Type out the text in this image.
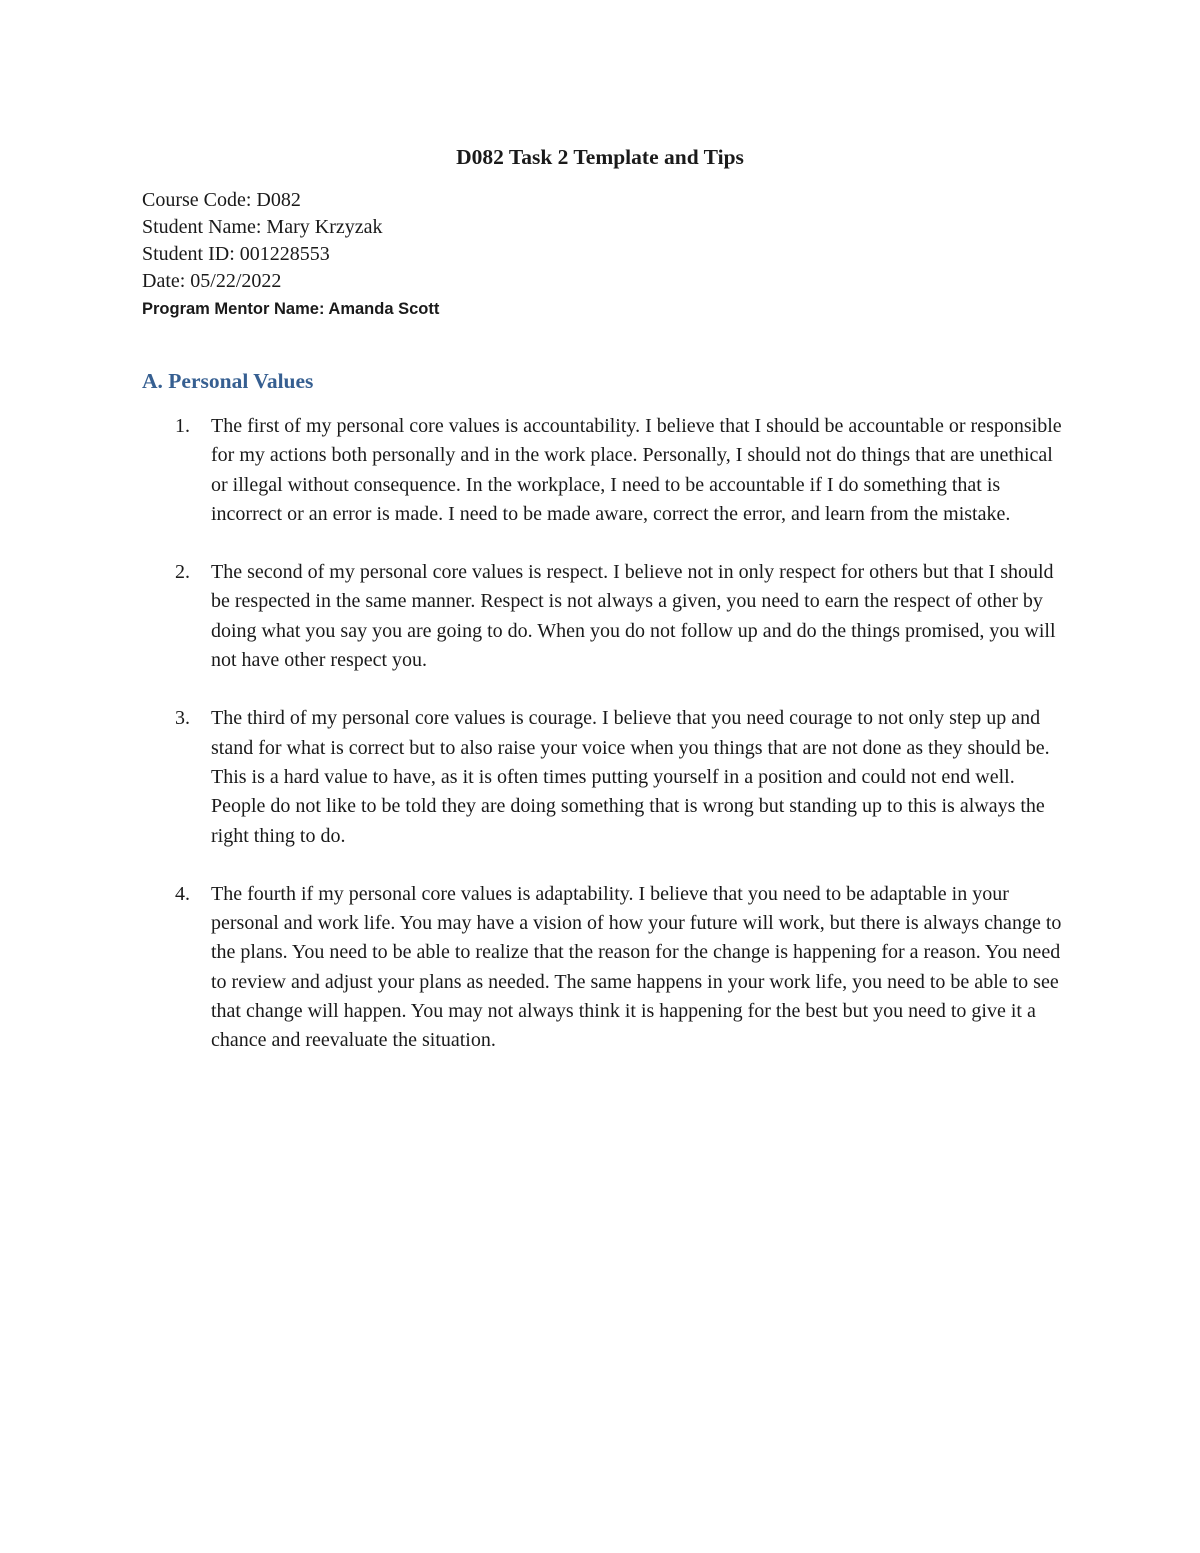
D082 Task 2 Template and Tips
Course Code: D082
Student Name: Mary Krzyzak
Student ID: 001228553
Date: 05/22/2022
Program Mentor Name: Amanda Scott
A. Personal Values
1. The first of my personal core values is accountability. I believe that I should be accountable or responsible for my actions both personally and in the work place. Personally, I should not do things that are unethical or illegal without consequence. In the workplace, I need to be accountable if I do something that is incorrect or an error is made. I need to be made aware, correct the error, and learn from the mistake.
2. The second of my personal core values is respect. I believe not in only respect for others but that I should be respected in the same manner. Respect is not always a given, you need to earn the respect of other by doing what you say you are going to do. When you do not follow up and do the things promised, you will not have other respect you.
3. The third of my personal core values is courage. I believe that you need courage to not only step up and stand for what is correct but to also raise your voice when you things that are not done as they should be. This is a hard value to have, as it is often times putting yourself in a position and could not end well. People do not like to be told they are doing something that is wrong but standing up to this is always the right thing to do.
4. The fourth if my personal core values is adaptability. I believe that you need to be adaptable in your personal and work life. You may have a vision of how your future will work, but there is always change to the plans. You need to be able to realize that the reason for the change is happening for a reason. You need to review and adjust your plans as needed. The same happens in your work life, you need to be able to see that change will happen. You may not always think it is happening for the best but you need to give it a chance and reevaluate the situation.
